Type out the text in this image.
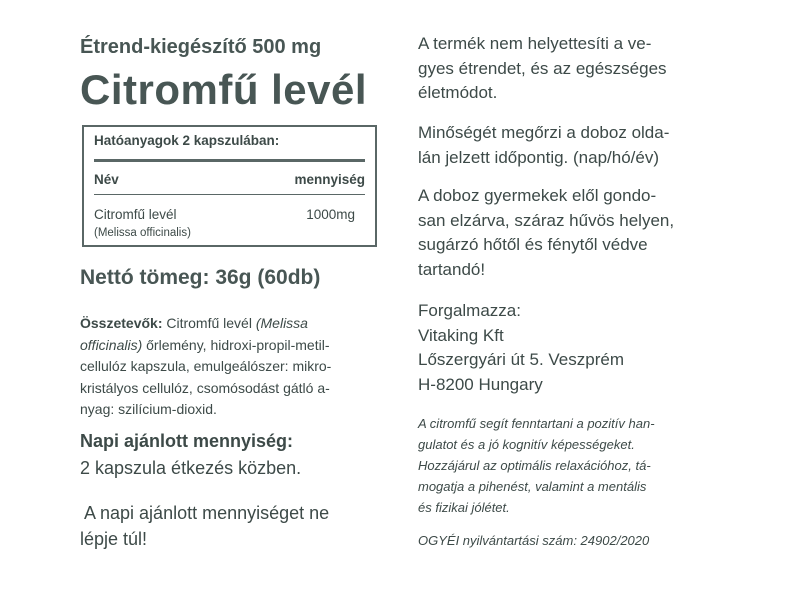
Étrend-kiegészítő 500 mg
Citromfű levél
Hatóanyagok 2 kapszulában:
Név	mennyiség
Citromfű levél	1000mg
(Melissa officinalis)
Nettó tömeg: 36g (60db)
Összetevők: Citromfű levél (Melissa
officinalis) őrlemény, hidroxi-propil-metil-
cellulóz kapszula, emulgeálószer: mikro-
kristályos cellulóz, csomósodást gátló a-
nyag: szilícium-dioxid.
Napi ajánlott mennyiség:
2 kapszula étkezés közben.
A napi ajánlott mennyiséget ne
lépje túl!
A termék nem helyettesíti a ve-
gyes étrendet, és az egészséges
életmódot.
Minőségét megőrzi a doboz olda-
lán jelzett időpontig. (nap/hó/év)
A doboz gyermekek elől gondo-
san elzárva, száraz hűvös helyen,
sugárzó hőtől és fénytől védve
tartandó!
Forgalmazza:
Vitaking Kft
Lőszergyári út 5. Veszprém
H-8200 Hungary
A citromfű segít fenntartani a pozitív han-
gulatot és a jó kognitív képességeket.
Hozzájárul az optimális relaxációhoz, tá-
mogatja a pihenést, valamint a mentális
és fizikai jólétet.
OGYÉI nyilvántartási szám: 24902/2020
